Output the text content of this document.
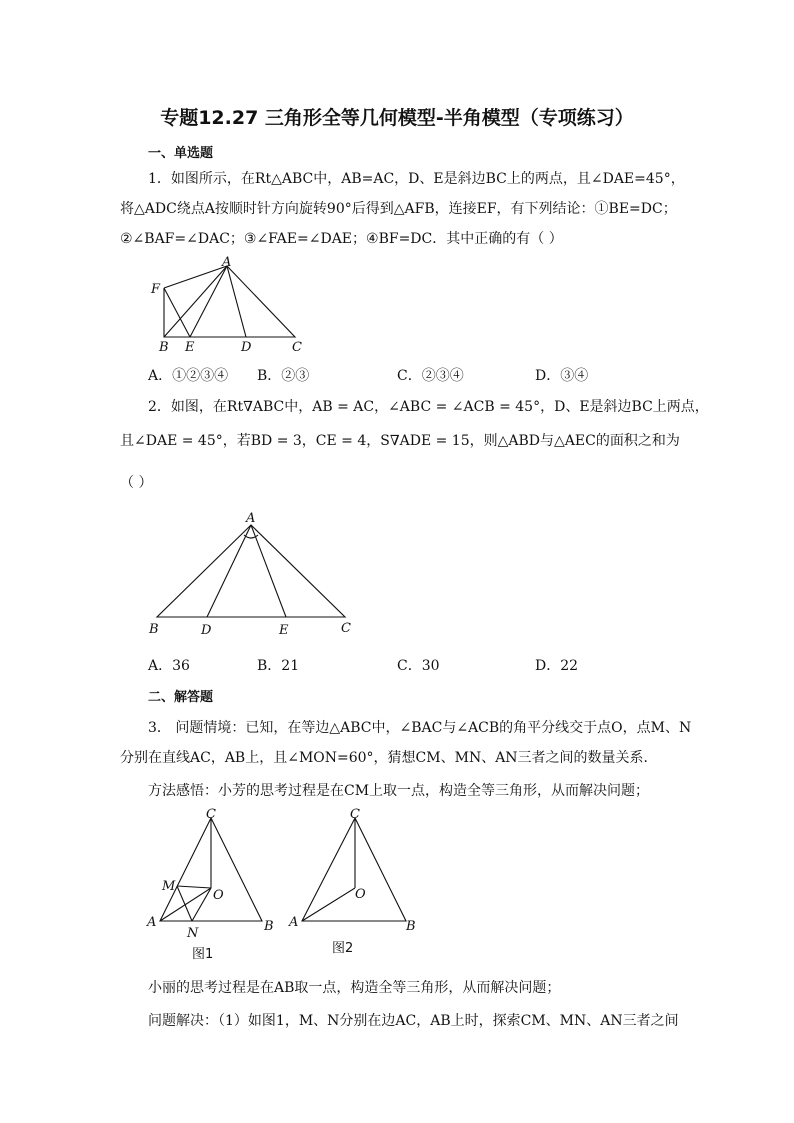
专题12.27 三角形全等几何模型-半角模型（专项练习）
一、单选题
1．如图所示，在Rt△ABC中，AB=AC，D、E是斜边BC上的两点，且∠DAE=45°，
将△ADC绕点A按顺时针方向旋转90°后得到△AFB，连接EF，有下列结论：①BE=DC；
②∠BAF=∠DAC；③∠FAE=∠DAE；④BF=DC．其中正确的有（ ）
A
F
B E	D	C
A．①②③④ B．②③	C．②③④	D．③④
2．如图，在Rt∇ABC中，AB = AC，∠ABC = ∠ACB = 45°，D、E是斜边BC上两点，
且∠DAE = 45°，若BD = 3，CE = 4，S∇ADE = 15，则△ABD与△AEC的面积之和为
（ ）
A
B	D	E	C
A．36	B．21	C．30	D．22
二、解答题
3． 问题情境：已知，在等边△ABC中，∠BAC与∠ACB的角平分线交于点O，点M、N
分别在直线AC，AB上，且∠MON=60°，猜想CM、MN、AN三者之间的数量关系．
方法感悟：小芳的思考过程是在CM上取一点，构造全等三角形，从而解决问题；
C
M
O
A
N	B
图1
C
O
A	B
图2
小丽的思考过程是在AB取一点，构造全等三角形，从而解决问题；
问题解决：（1）如图1，M、N分别在边AC，AB上时，探索CM、MN、AN三者之间
